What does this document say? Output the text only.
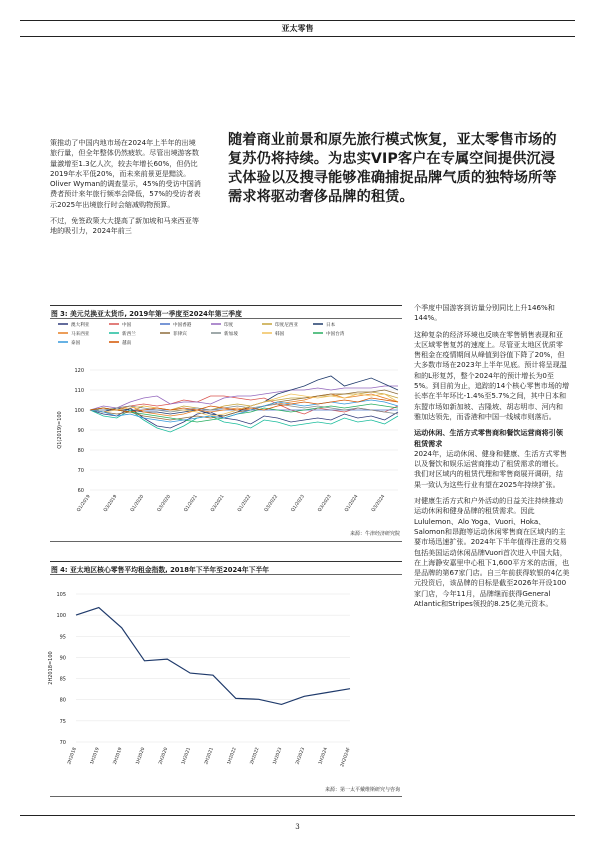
亚太零售

策推动了中国内地市场在2024年上半年的出境旅行量，但全年整体仍然疲软。尽管出境游客数量激增至1.3亿人次，较去年增长60%，但仍比2019年水平低20%，而未来前景更是黯淡。Oliver Wyman的调查显示，45%的受访中国消费者预计来年旅行频率会降低，57%的受访者表示2025年出境旅行时会缩减购物预算。

不过，免签政策大大提高了新加坡和马来西亚等地的吸引力，2024年前三

随着商业前景和原先旅行模式恢复，亚太零售市场的复苏仍将持续。为忠实VIP客户在专属空间提供沉浸式体验以及搜寻能够准确捕捉品牌气质的独特场所等需求将驱动奢侈品牌的租赁。
图 3: 美元兑换亚太货币, 2019年第一季度至2024年第三季度
澳大利亚	中国	中国香港	印度	印度尼西亚	日本
马来西亚	新西兰	菲律宾	新加坡	韩国	中国台湾
泰国	越南
60
70
80
90
100
110
120
Q1(2019)=100
Q1/2019	Q3/2019	Q1/2020	Q3/2020	Q1/2021	Q3/2021	Q1/2022	Q3/2022	Q1/2023	Q3/2023	Q1/2024	Q3/2024
来源：牛津经济研究院
图 4: 亚太地区核心零售平均租金指数, 2018年下半年至2024年下半年
70
75
80
85
90
95
100
105
2H2018=100
2H2018	1H2019	2H2019	1H2020	2H2020	1H2021	2H2021	1H2022	2H2022	1H2023	2H2023	1H2024 2H2024F
来源：第一太平戴维斯研究与咨询

个季度中国游客到访量分别同比上升146%和144%。

这种复杂的经济环境也反映在零售销售表现和亚太区域零售复苏的速度上。尽管亚太地区优质零售租金在疫情期间从峰值到谷值下降了20%，但大多数市场在2023年上半年见底。预计将呈现温和的L形复苏，整个2024年的预计增长为0至5%。到目前为止，追踪的14个核心零售市场的增长率在半年环比-1.4%至5.7%之间，其中日本和东盟市场如新加坡、吉隆坡、胡志明市、河内和雅加达领先，而香港和中国一线城市则落后。

运动休闲、生活方式零售商和餐饮运营商将引领租赁需求

2024年，运动休闲、健身和健康、生活方式零售以及餐饮和娱乐运营商推动了租赁需求的增长。我们对区域内的租赁代理和零售商展开调研，结果一致认为这些行业有望在2025年持续扩张。

对健康生活方式和户外活动的日益关注持续推动运动休闲和健身品牌的租赁需求。因此Lululemon、Alo Yoga、Vuori、Hoka、Salomon和昂跑等运动休闲零售商在区域内的主要市场迅速扩张。2024年下半年值得注意的交易包括美国运动休闲品牌Vuori首次进入中国大陆，在上海静安嘉里中心租下1,600平方米的店面，也是品牌的第67家门店。自三年前获得软银的4亿美元投资后，该品牌的目标是截至2026年开设100家门店，今年11月，品牌继而获得General Atlantic和Stripes领投的8.25亿美元资本。

3
